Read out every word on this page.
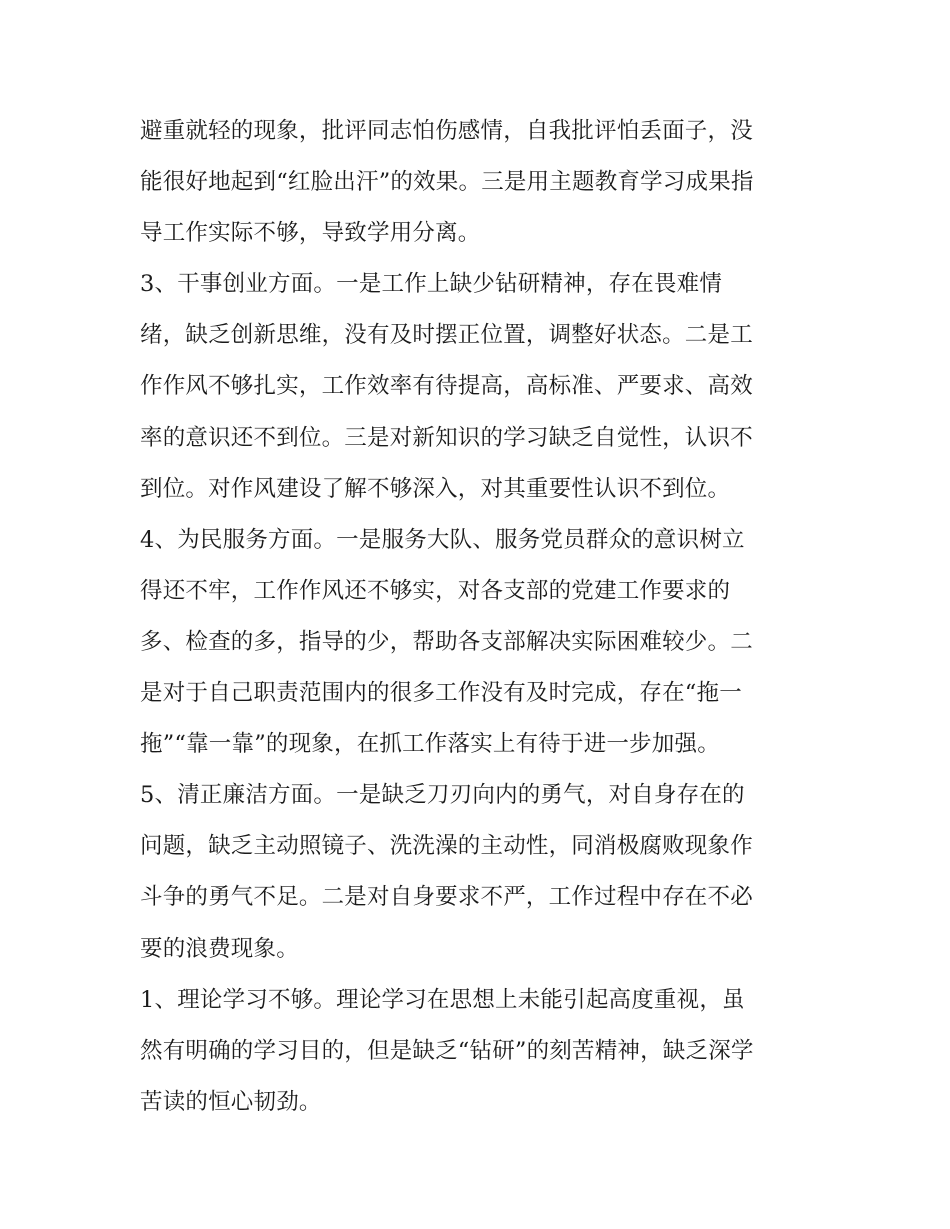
避重就轻的现象，批评同志怕伤感情，自我批评怕丢面子，没
能很好地起到“红脸出汗”的效果。三是用主题教育学习成果指
导工作实际不够，导致学用分离。
3、干事创业方面。一是工作上缺少钻研精神，存在畏难情
绪，缺乏创新思维，没有及时摆正位置，调整好状态。二是工
作作风不够扎实，工作效率有待提高，高标准、严要求、高效
率的意识还不到位。三是对新知识的学习缺乏自觉性，认识不
到位。对作风建设了解不够深入，对其重要性认识不到位。
4、为民服务方面。一是服务大队、服务党员群众的意识树立
得还不牢，工作作风还不够实，对各支部的党建工作要求的
多、检查的多，指导的少，帮助各支部解决实际困难较少。二
是对于自己职责范围内的很多工作没有及时完成，存在“拖一
拖”“靠一靠”的现象，在抓工作落实上有待于进一步加强。
5、清正廉洁方面。一是缺乏刀刃向内的勇气，对自身存在的
问题，缺乏主动照镜子、洗洗澡的主动性，同消极腐败现象作
斗争的勇气不足。二是对自身要求不严，工作过程中存在不必
要的浪费现象。
1、理论学习不够。理论学习在思想上未能引起高度重视，虽
然有明确的学习目的，但是缺乏“钻研”的刻苦精神，缺乏深学
苦读的恒心韧劲。
